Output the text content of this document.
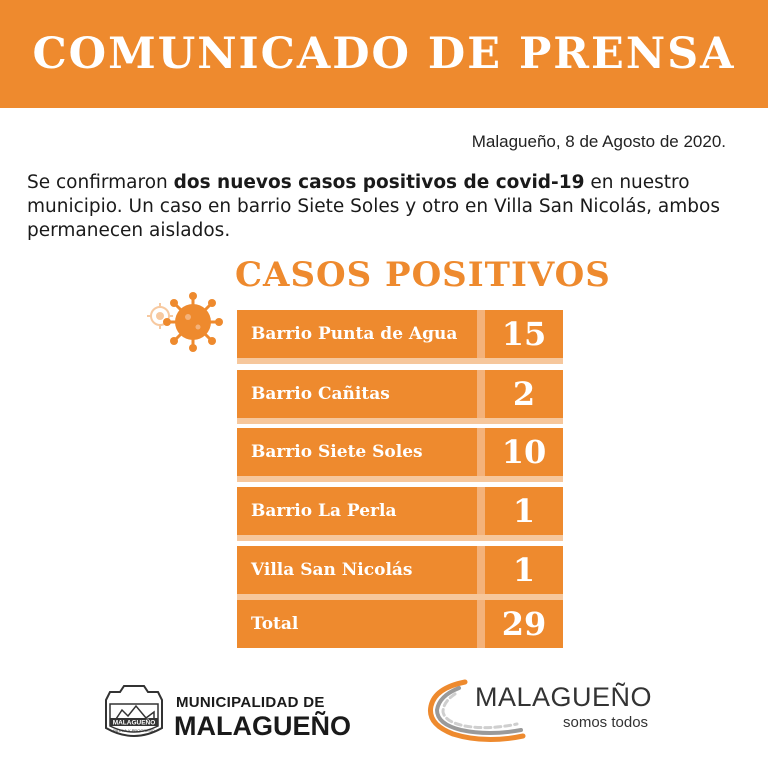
COMUNICADO DE PRENSA
Malagueño, 8 de Agosto de 2020.
Se confirmaron dos nuevos casos positivos de covid-19 en nuestro municipio. Un caso en barrio Siete Soles y otro en Villa San Nicolás, ambos permanecen aislados.
CASOS POSITIVOS
Barrio Punta de Agua	15
Barrio Cañitas	2
Barrio Siete Soles	10
Barrio La Perla	1
Villa San Nicolás	1
Total	29
MALAGUEÑO
PATRIA Y PROGRESO
MUNICIPALIDAD DE
MALAGUEÑO
MALAGUEÑO
somos todos
